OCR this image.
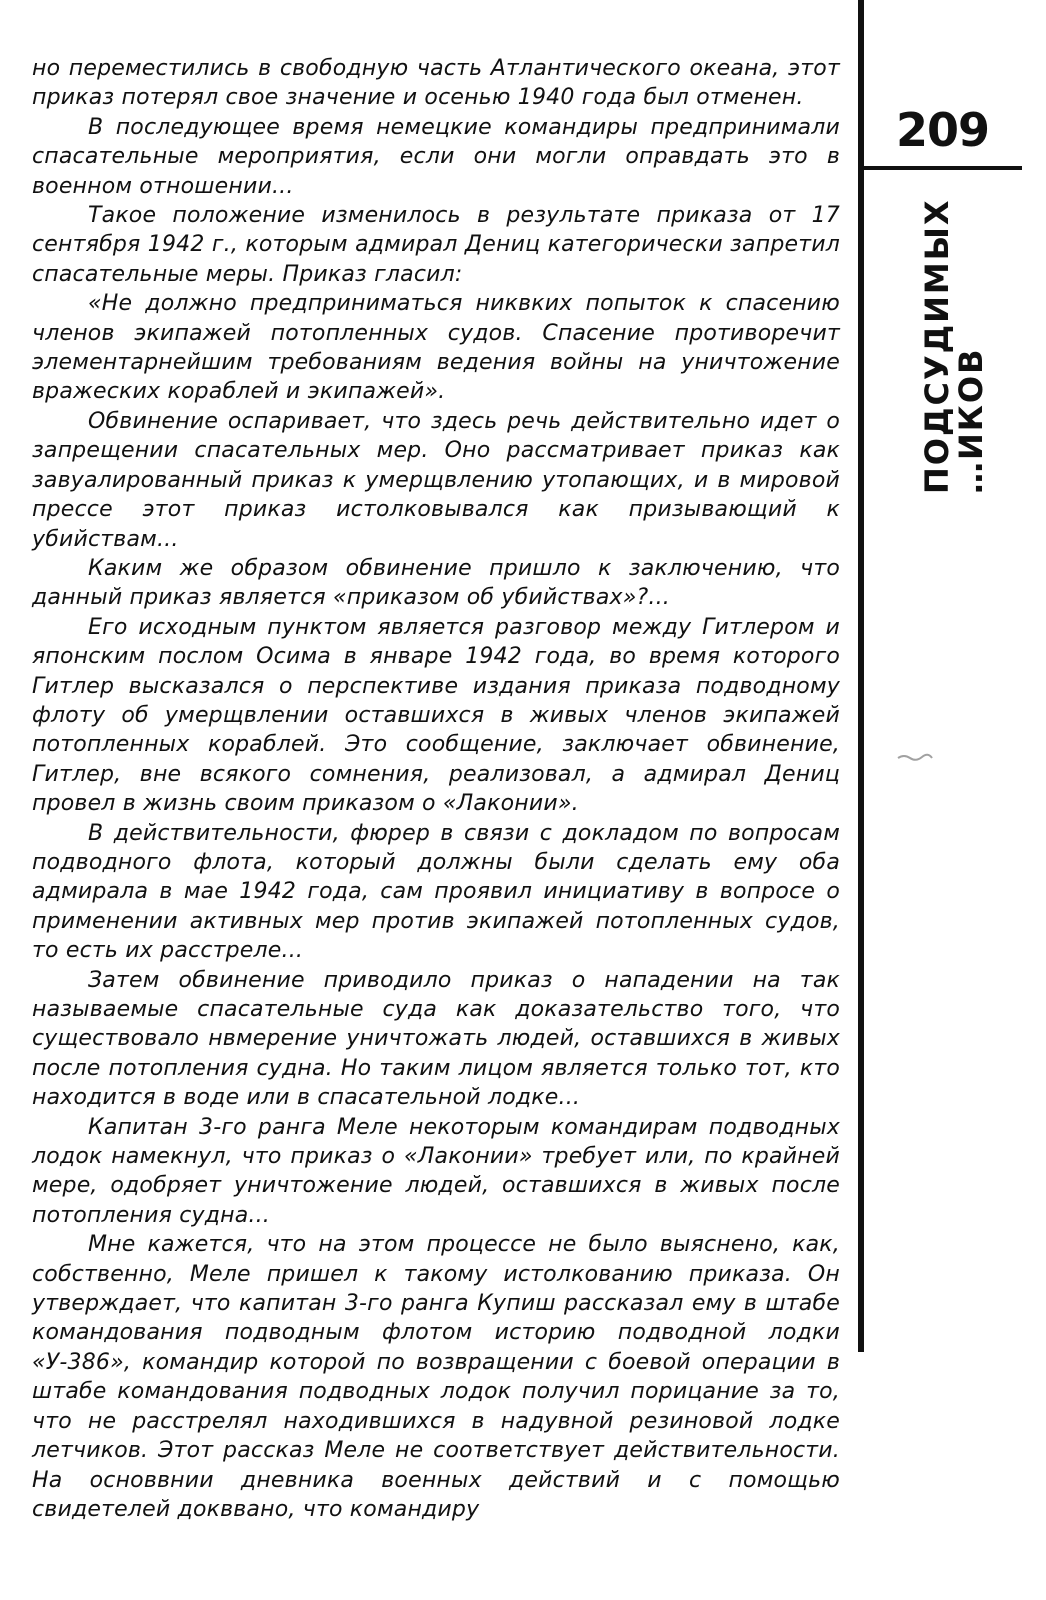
но переместились в свободную часть Атлантического океана, этот приказ потерял свое значение и осенью 1940 года был отменен.

В последующее время немецкие командиры предпринимали спасательные мероприятия, если они могли оправдать это в военном отношении...

Такое положение изменилось в результате приказа от 17 сентября 1942 г., которым адмирал Дениц категорически запретил спасательные меры. Приказ гласил:

«Не должно предприниматься никвких попыток к спасению членов экипажей потопленных судов. Спасение противоречит элементарнейшим требованиям ведения войны на уничтожение вражеских кораблей и экипажей».

Обвинение оспаривает, что здесь речь действительно идет о запрещении спасательных мер. Оно рассматривает приказ как завуалированный приказ к умерщвлению утопающих, и в мировой прессе этот приказ истолковывался как призывающий к убийствам...

Каким же образом обвинение пришло к заключению, что данный приказ является «приказом об убийствах»?...

Его исходным пунктом является разговор между Гитлером и японским послом Осима в январе 1942 года, во время которого Гитлер высказался о перспективе издания приказа подводному флоту об умерщвлении оставшихся в живых членов экипажей потопленных кораблей. Это сообщение, заключает обвинение, Гитлер, вне всякого сомнения, реализовал, а адмирал Дениц провел в жизнь своим приказом о «Лаконии».

В действительности, фюрер в связи с докладом по вопросам подводного флота, который должны были сделать ему оба адмирала в мае 1942 года, сам проявил инициативу в вопросе о применении активных мер против экипажей потопленных судов, то есть их расстреле...

Затем обвинение приводило приказ о нападении на так называемые спасательные суда как доказательство того, что существовало нвмерение уничтожать людей, оставшихся в живых после потопления судна. Но таким лицом является только тот, кто находится в воде или в спасательной лодке...

Капитан 3-го ранга Меле некоторым командирам подводных лодок намекнул, что приказ о «Лаконии» требует или, по крайней мере, одобряет уничтожение людей, оставшихся в живых после потопления судна...

Мне кажется, что на этом процессе не было выяснено, как, собственно, Меле пришел к такому истолкованию приказа. Он утверждает, что капитан 3-го ранга Купиш рассказал ему в штабе командования подводным флотом историю подводной лодки «У-386», командир которой по возвращении с боевой операции в штабе командования подводных лодок получил порицание за то, что не расстрелял находившихся в надувной резиновой лодке летчиков. Этот рассказ Меле не соответствует действительности. На основвнии дневника военных действий и с помощью свидетелей докввано, что командиру

209
ПОДСУДИМЫХ
…ИКОВ
